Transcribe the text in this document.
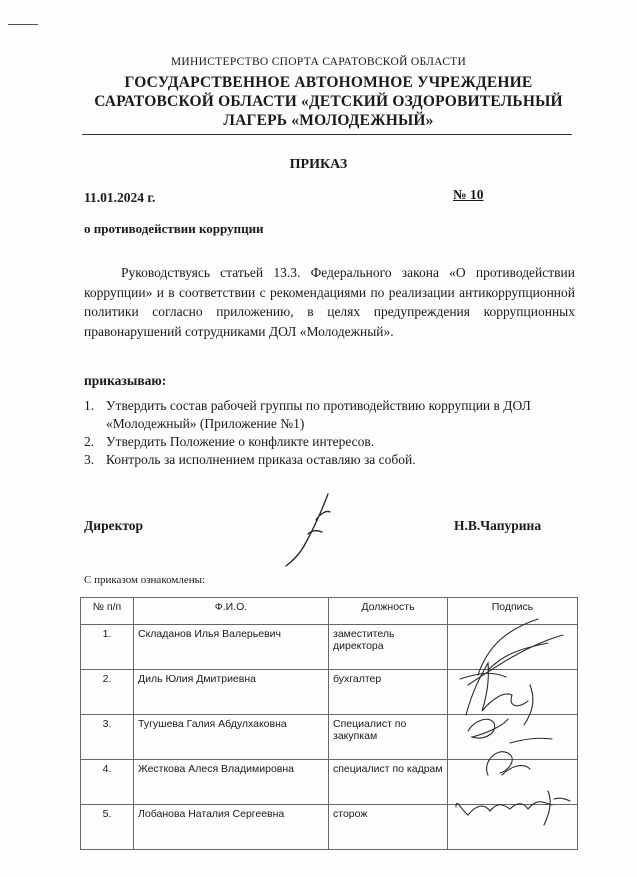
МИНИСТЕРСТВО СПОРТА САРАТОВСКОЙ ОБЛАСТИ
ГОСУДАРСТВЕННОЕ АВТОНОМНОЕ УЧРЕЖДЕНИЕ
САРАТОВСКОЙ ОБЛАСТИ «ДЕТСКИЙ ОЗДОРОВИТЕЛЬНЫЙ
ЛАГЕРЬ «МОЛОДЕЖНЫЙ»
ПРИКАЗ
11.01.2024 г.	№ 10
о противодействии коррупции
Руководствуясь статьей 13.3. Федерального закона «О противодействии коррупции» и в соответствии с рекомендациями по реализации антикоррупционной политики согласно приложению, в целях предупреждения коррупционных правонарушений сотрудниками ДОЛ «Молодежный».
приказываю:
1. Утвердить состав рабочей группы по противодействию коррупции в ДОЛ «Молодежный» (Приложение №1)
2. Утвердить Положение о конфликте интересов.
3. Контроль за исполнением приказа оставляю за собой.
Директор	Н.В.Чапурина
С приказом ознакомлены:
№ п/п	Ф.И.О.	Должность	Подпись
1.	Складанов Илья Валерьевич	заместитель директора	
2.	Диль Юлия Дмитриевна	бухгалтер	
3.	Тугушева Галия Абдулхаковна	Специалист по закупкам	
4.	Жесткова Алеся Владимировна	специалист по кадрам	
5.	Лобанова Наталия Сергеевна	сторож	
